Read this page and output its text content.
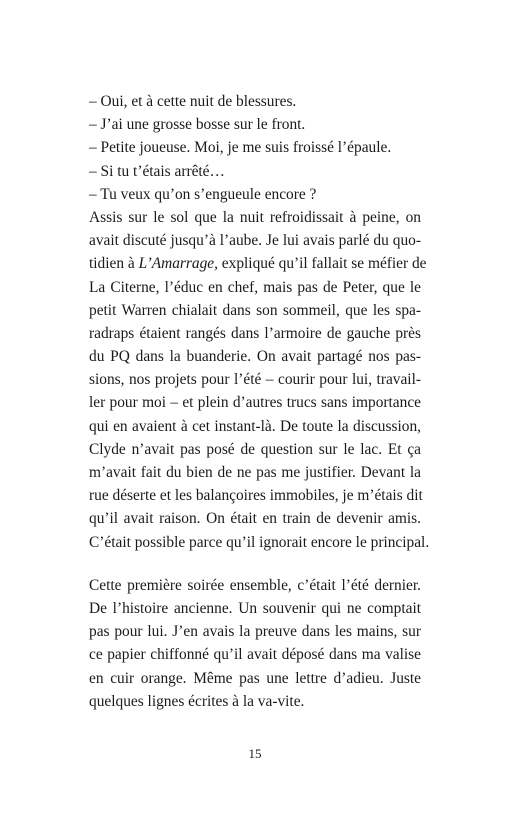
– Oui, et à cette nuit de blessures.
– J’ai une grosse bosse sur le front.
– Petite joueuse. Moi, je me suis froissé l’épaule.
– Si tu t’étais arrêté…
– Tu veux qu’on s’engueule encore ?
Assis sur le sol que la nuit refroidissait à peine, on
avait discuté jusqu’à l’aube. Je lui avais parlé du quo-
tidien à L’Amarrage, expliqué qu’il fallait se méfier de
La Citerne, l’éduc en chef, mais pas de Peter, que le
petit Warren chialait dans son sommeil, que les spa-
radraps étaient rangés dans l’armoire de gauche près
du PQ dans la buanderie. On avait partagé nos pas-
sions, nos projets pour l’été – courir pour lui, travail-
ler pour moi – et plein d’autres trucs sans importance
qui en avaient à cet instant-là. De toute la discussion,
Clyde n’avait pas posé de question sur le lac. Et ça
m’avait fait du bien de ne pas me justifier. Devant la
rue déserte et les balançoires immobiles, je m’étais dit
qu’il avait raison. On était en train de devenir amis.
C’était possible parce qu’il ignorait encore le principal.
Cette première soirée ensemble, c’était l’été dernier.
De l’histoire ancienne. Un souvenir qui ne comptait
pas pour lui. J’en avais la preuve dans les mains, sur
ce papier chiffonné qu’il avait déposé dans ma valise
en cuir orange. Même pas une lettre d’adieu. Juste
quelques lignes écrites à la va-vite.
15
